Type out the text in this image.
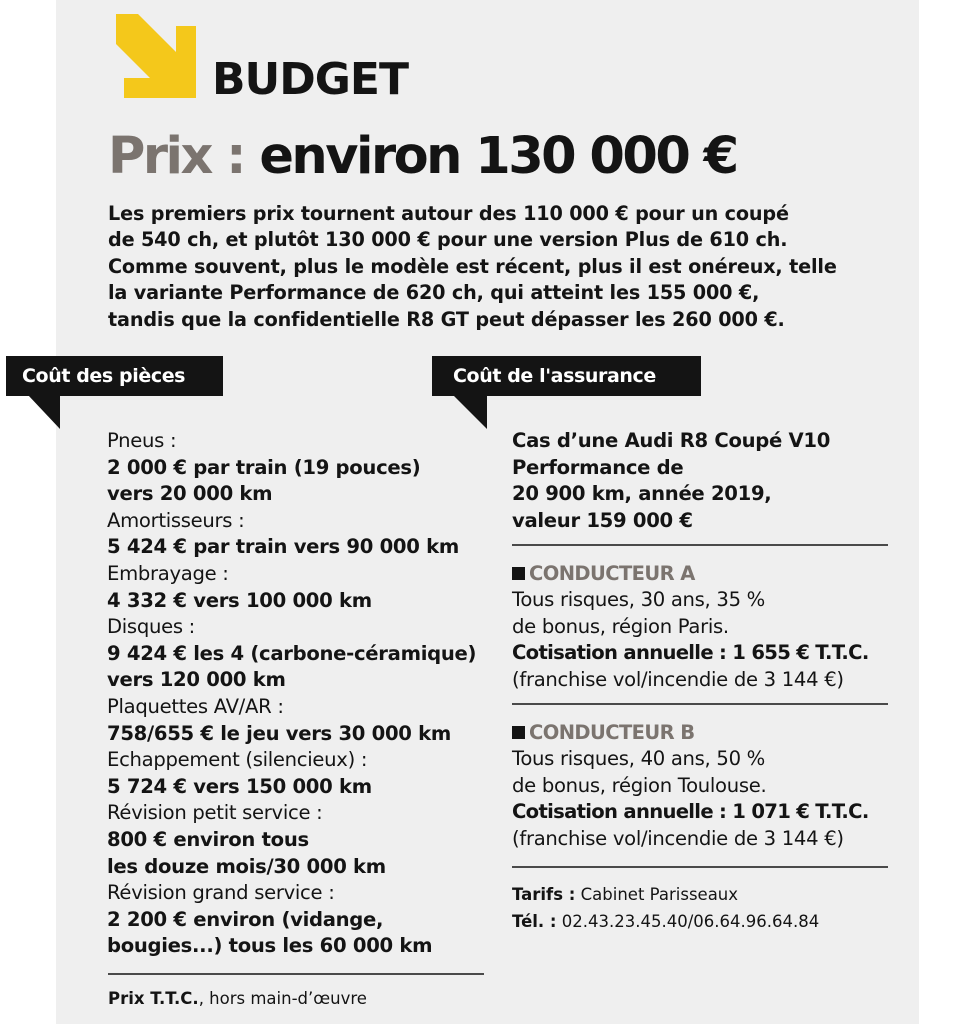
BUDGET
Prix : environ 130 000 €
Les premiers prix tournent autour des 110 000 € pour un coupé
de 540 ch, et plutôt 130 000 € pour une version Plus de 610 ch.
Comme souvent, plus le modèle est récent, plus il est onéreux, telle
la variante Performance de 620 ch, qui atteint les 155 000 €,
tandis que la confidentielle R8 GT peut dépasser les 260 000 €.
Coût des pièces
Pneus :
2 000 € par train (19 pouces)
vers 20 000 km
Amortisseurs :
5 424 € par train vers 90 000 km
Embrayage :
4 332 € vers 100 000 km
Disques :
9 424 € les 4 (carbone-céramique)
vers 120 000 km
Plaquettes AV/AR :
758/655 € le jeu vers 30 000 km
Echappement (silencieux) :
5 724 € vers 150 000 km
Révision petit service :
800 € environ tous
les douze mois/30 000 km
Révision grand service :
2 200 € environ (vidange,
bougies...) tous les 60 000 km
Prix T.T.C., hors main-d’œuvre
Coût de l'assurance
Cas d’une Audi R8 Coupé V10
Performance de
20 900 km, année 2019,
valeur 159 000 €
CONDUCTEUR A
Tous risques, 30 ans, 35 %
de bonus, région Paris.
Cotisation annuelle : 1 655 € T.T.C.
(franchise vol/incendie de 3 144 €)
CONDUCTEUR B
Tous risques, 40 ans, 50 %
de bonus, région Toulouse.
Cotisation annuelle : 1 071 € T.T.C.
(franchise vol/incendie de 3 144 €)
Tarifs : Cabinet Parisseaux
Tél. : 02.43.23.45.40/06.64.96.64.84
